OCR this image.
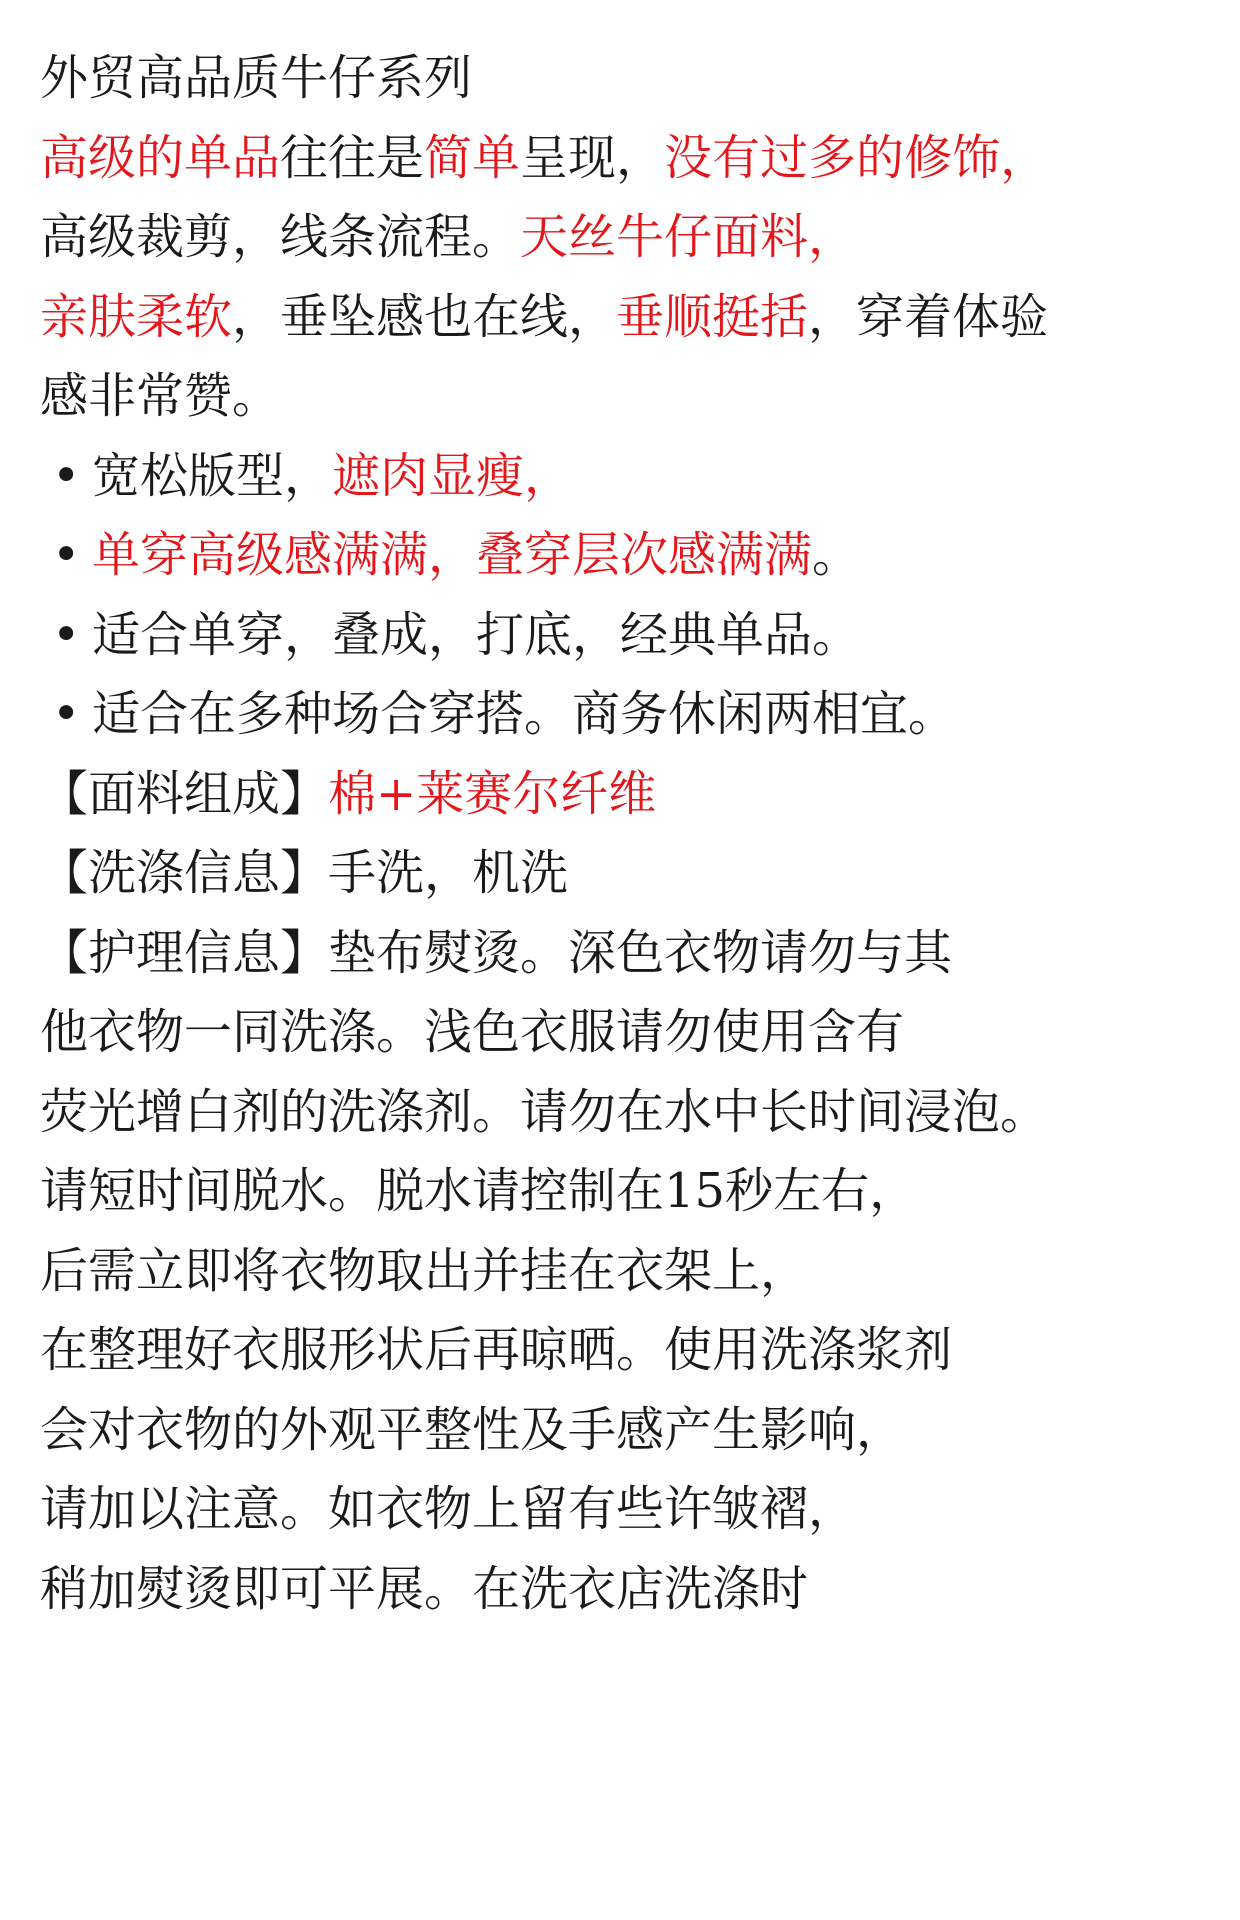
外贸高品质牛仔系列
高级的单品往往是简单呈现，没有过多的修饰，
高级裁剪，线条流程。天丝牛仔面料，
亲肤柔软，垂坠感也在线，垂顺挺括，穿着体验
感非常赞。
• 宽松版型，遮肉显瘦，
• 单穿高级感满满，叠穿层次感满满。
• 适合单穿，叠成，打底，经典单品。
• 适合在多种场合穿搭。商务休闲两相宜。
【面料组成】棉+莱赛尔纤维
【洗涤信息】手洗，机洗
【护理信息】垫布熨烫。深色衣物请勿与其
他衣物一同洗涤。浅色衣服请勿使用含有
荧光增白剂的洗涤剂。请勿在水中长时间浸泡。
请短时间脱水。脱水请控制在15秒左右，
后需立即将衣物取出并挂在衣架上，
在整理好衣服形状后再晾晒。使用洗涤浆剂
会对衣物的外观平整性及手感产生影响，
请加以注意。如衣物上留有些许皱褶，
稍加熨烫即可平展。在洗衣店洗涤时
